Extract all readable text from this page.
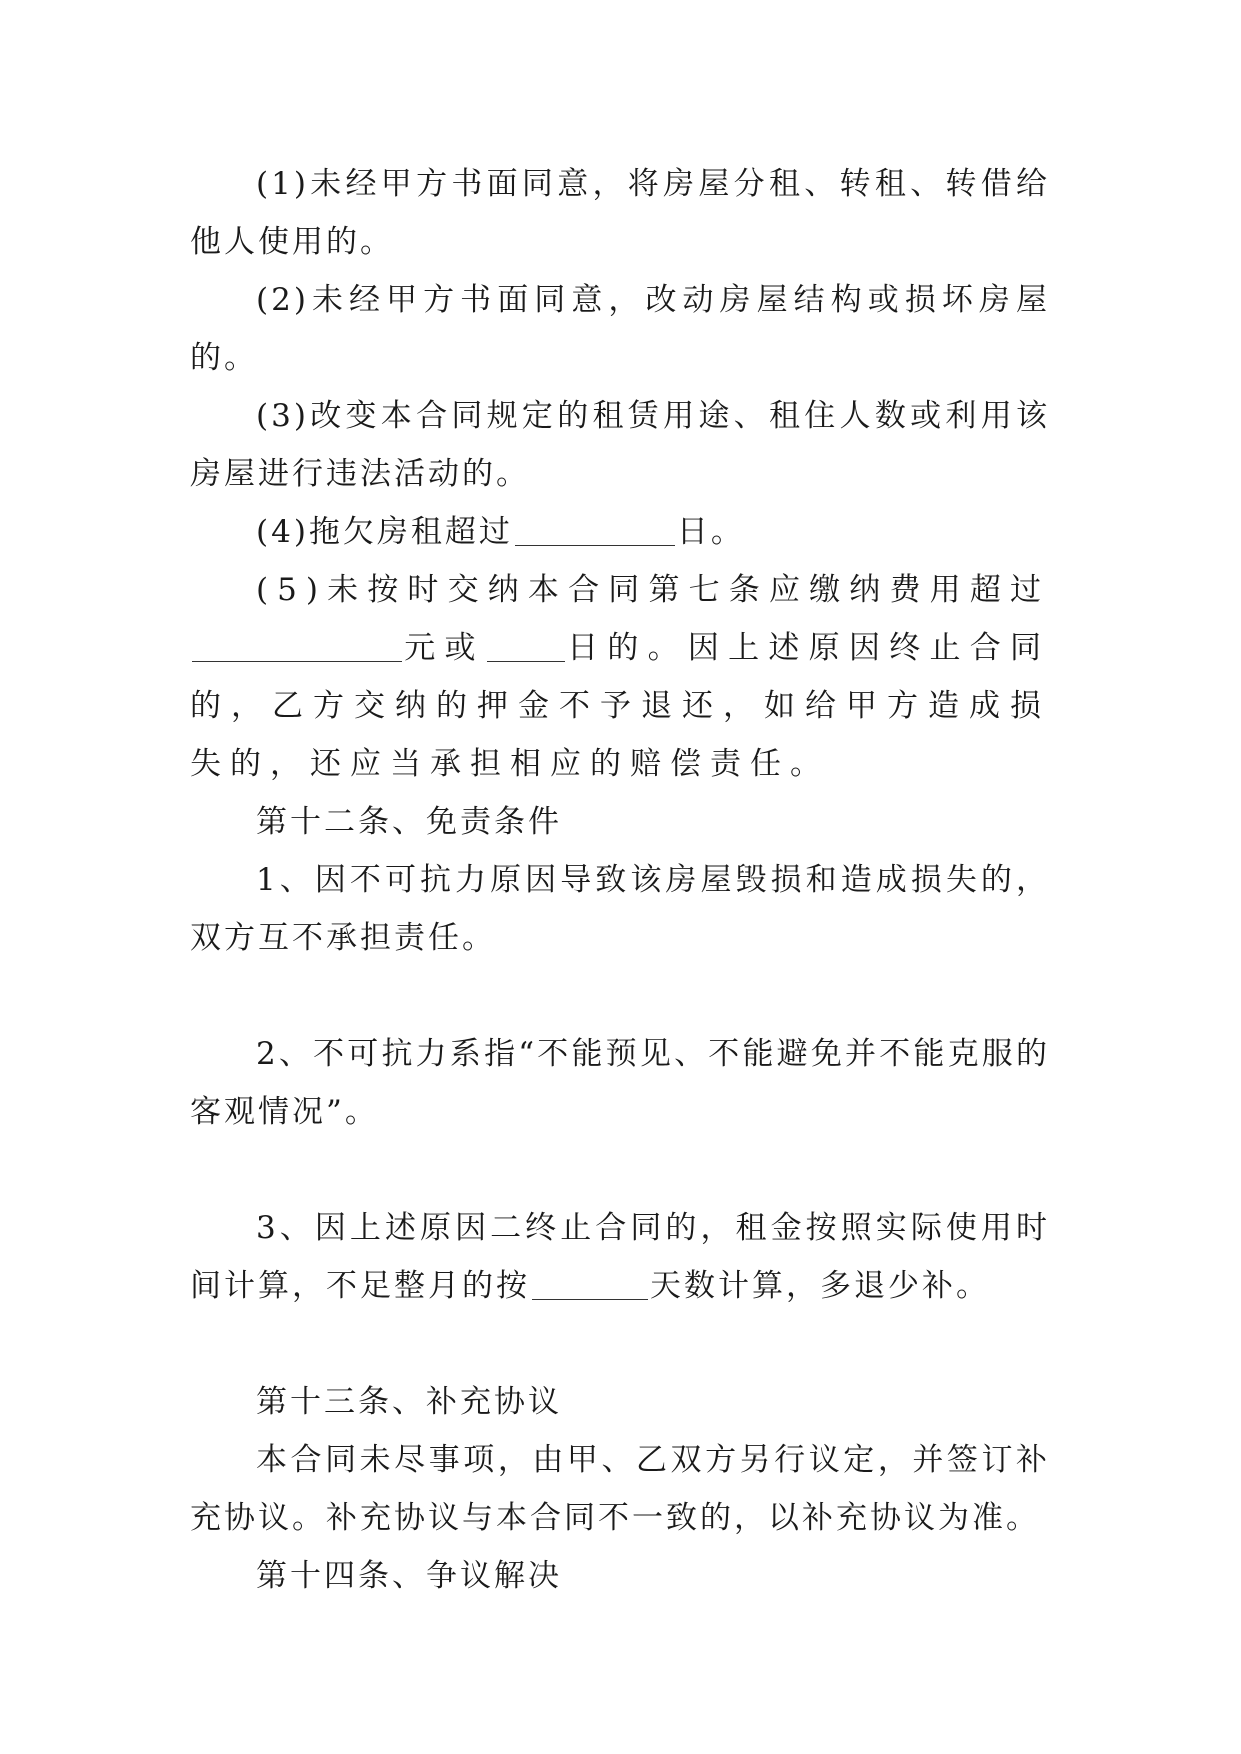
(1)未经甲方书面同意，将房屋分租、转租、转借给他人使用的。

(2)未经甲方书面同意，改动房屋结构或损坏房屋的。

(3)改变本合同规定的租赁用途、租住人数或利用该房屋进行违法活动的。

(4)拖欠房租超过	日。

(5)未按时交纳本合同第七条应缴纳费用超过元或	日的。因上述原因终止合同的，乙方交纳的押金不予退还，如给甲方造成损失的，还应当承担相应的赔偿责任。

第十二条、免责条件

1、因不可抗力原因导致该房屋毁损和造成损失的，双方互不承担责任。

2、不可抗力系指“不能预见、不能避免并不能克服的客观情况”。

3、因上述原因二终止合同的，租金按照实际使用时间计算，不足整月的按	天数计算，多退少补。

第十三条、补充协议

本合同未尽事项，由甲、乙双方另行议定，并签订补充协议。补充协议与本合同不一致的，以补充协议为准。

第十四条、争议解决
